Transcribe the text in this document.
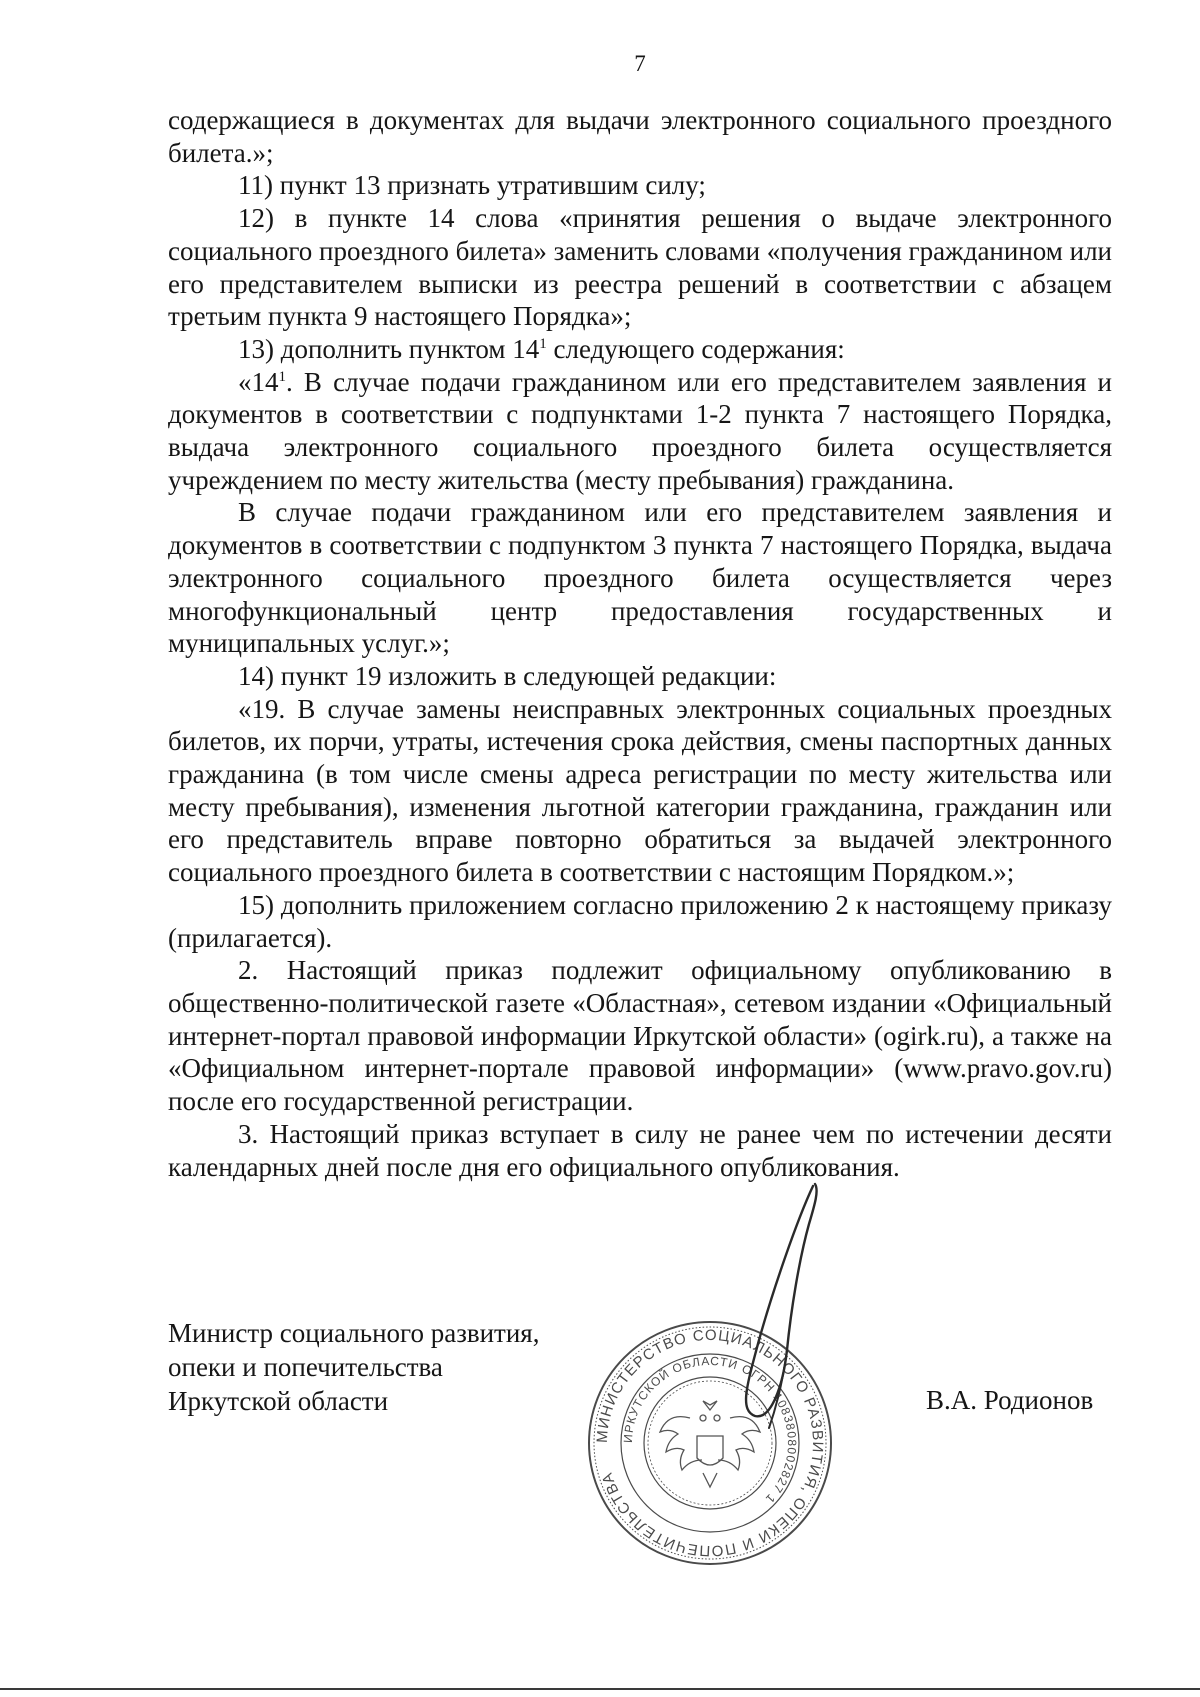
7

содержащиеся в документах для выдачи электронного социального проездного билета.»;

11) пункт 13 признать утратившим силу;

12) в пункте 14 слова «принятия решения о выдаче электронного социального проездного билета» заменить словами «получения гражданином или его представителем выписки из реестра решений в соответствии с абзацем третьим пункта 9 настоящего Порядка»;

13) дополнить пунктом $14^1$ следующего содержания:

«$14^1$. В случае подачи гражданином или его представителем заявления и документов в соответствии с подпунктами 1-2 пункта 7 настоящего Порядка, выдача электронного социального проездного билета осуществляется учреждением по месту жительства (месту пребывания) гражданина.

В случае подачи гражданином или его представителем заявления и документов в соответствии с подпунктом 3 пункта 7 настоящего Порядка, выдача электронного социального проездного билета осуществляется через многофункциональный центр предоставления государственных и муниципальных услуг.»;

14) пункт 19 изложить в следующей редакции:

«19. В случае замены неисправных электронных социальных проездных билетов, их порчи, утраты, истечения срока действия, смены паспортных данных гражданина (в том числе смены адреса регистрации по месту жительства или месту пребывания), изменения льготной категории гражданина, гражданин или его представитель вправе повторно обратиться за выдачей электронного социального проездного билета в соответствии с настоящим Порядком.»;

15) дополнить приложением согласно приложению 2 к настоящему приказу (прилагается).

2. Настоящий приказ подлежит официальному опубликованию в общественно-политической газете «Областная», сетевом издании «Официальный интернет-портал правовой информации Иркутской области» (ogirk.ru), а также на «Официальном интернет-портале правовой информации» (www.pravo.gov.ru) после его государственной регистрации.

3. Настоящий приказ вступает в силу не ранее чем по истечении десяти календарных дней после дня его официального опубликования.

Министр социального развития,
опеки и попечительства
Иркутской области
МИНИСТЕРСТВО СОЦИАЛЬНОГО РАЗВИТИЯ, ОПЕКИ И ПОПЕЧИТЕЛЬСТВА
ИРКУТСКОЙ ОБЛАСТИ ОГРН 1083808002827 1
В.А. Родионов
